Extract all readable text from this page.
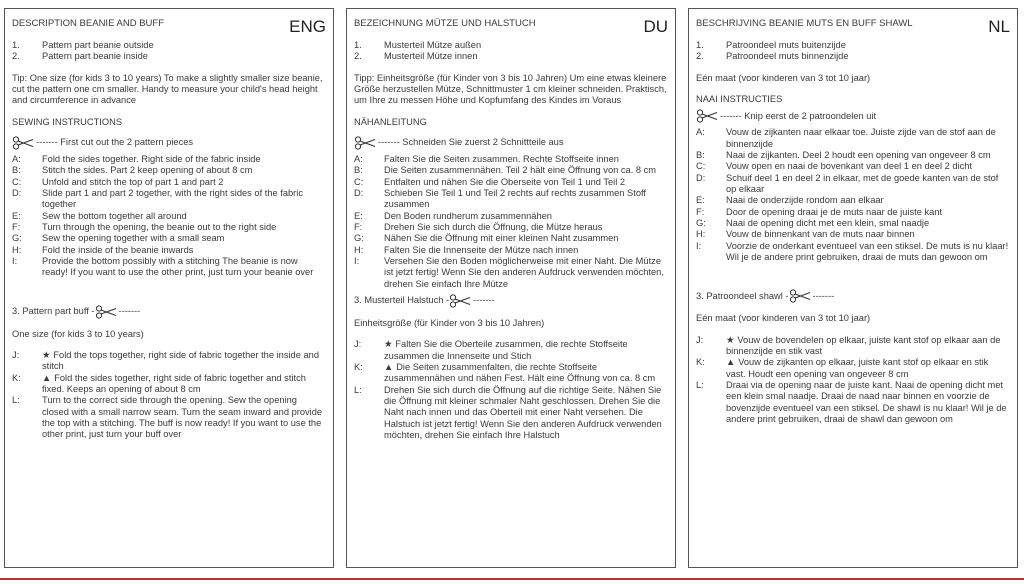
DESCRIPTION BEANIE AND BUFF	ENG
1.	Pattern part beanie outside
2.	Pattern part beanie inside
Tip: One size (for kids 3 to 10 years) To make a slightly smaller size beanie, cut the pattern one cm smaller. Handy to measure your child's head height and circumference in advance
SEWING INSTRUCTIONS
------- First cut out the 2 pattern pieces
A:	Fold the sides together. Right side of the fabric inside
B:	Stitch the sides. Part 2 keep opening of about 8 cm
C:	Unfold and stitch the top of part 1 and part 2
D:	Slide part 1 and part 2 together, with the right sides of the fabric together
E:	Sew the bottom together all around
F:	Turn through the opening, the beanie out to the right side
G:	Sew the opening together with a small seam
H:	Fold the inside of the beanie inwards
I:	Provide the bottom possibly with a stitching The beanie is now ready! If you want to use the other print, just turn your beanie over
3. Pattern part buff -	-------
One size (for kids 3 to 10 years)
J:	★ Fold the tops together, right side of fabric together the inside and stitch
K:	▲ Fold the sides together, right side of fabric together and stitch fixed. Keeps an opening of about 8 cm
L:	Turn to the correct side through the opening. Sew the opening closed with a small narrow seam. Turn the seam inward and provide the top with a stitching. The buff is now ready! If you want to use the other print, just turn your buff over
BEZEICHNUNG MÜTZE UND HALSTUCH	DU
1.	Musterteil Mütze außen
2.	Musterteil Mütze innen
Tipp: Einheitsgröße (für Kinder von 3 bis 10 Jahren) Um eine etwas kleinere Größe herzustellen Mütze, Schnittmuster 1 cm kleiner schneiden. Praktisch, um Ihre zu messen Höhe und Kopfumfang des Kindes im Voraus
NÄHANLEITUNG
------- Schneiden Sie zuerst 2 Schnittteile aus
A:	Falten Sie die Seiten zusammen. Rechte Stoffseite innen
B:	Die Seiten zusammennähen. Teil 2 hält eine Öffnung von ca. 8 cm
C:	Entfalten und nähen Sie die Oberseite von Teil 1 und Teil 2
D:	Schieben Sie Teil 1 und Teil 2 rechts auf rechts zusammen Stoff zusammen
E:	Den Boden rundherum zusammennähen
F:	Drehen Sie sich durch die Öffnung, die Mütze heraus
G:	Nähen Sie die Öffnung mit einer kleinen Naht zusammen
H:	Falten Sie die Innenseite der Mütze nach innen
I:	Versehen Sie den Boden möglicherweise mit einer Naht. Die Mütze ist jetzt fertig! Wenn Sie den anderen Aufdruck verwenden möchten, drehen Sie einfach Ihre Mütze
3. Musterteil Halstuch -	-------
Einheitsgröße (für Kinder von 3 bis 10 Jahren)
J:	★ Falten Sie die Oberteile zusammen, die rechte Stoffseite zusammen die Innenseite und Stich
K:	▲ Die Seiten zusammenfalten, die rechte Stoffseite zusammennähen und nähen Fest. Hält eine Öffnung von ca. 8 cm
L:	Drehen Sie sich durch die Öffnung auf die richtige Seite. Nähen Sie die Öffnung mit kleiner schmaler Naht geschlossen. Drehen Sie die Naht nach innen und das Oberteil mit einer Naht versehen. Die Halstuch ist jetzt fertig! Wenn Sie den anderen Aufdruck verwenden möchten, drehen Sie einfach Ihre Halstuch
BESCHRIJVING BEANIE MUTS EN BUFF SHAWL	NL
1.	Patroondeel muts buitenzijde
2.	Patroondeel muts binnenzijde
Eén maat (voor kinderen van 3 tot 10 jaar)
NAAI INSTRUCTIES
------- Knip eerst de 2 patroondelen uit
A:	Vouw de zijkanten naar elkaar toe. Juiste zijde van de stof aan de binnenzijde
B:	Naai de zijkanten. Deel 2 houdt een opening van ongeveer 8 cm
C:	Vouw open en naai de bovenkant van deel 1 en deel 2 dicht
D:	Schuif deel 1 en deel 2 in elkaar, met de goede kanten van de stof op elkaar
E:	Naai de onderzijde rondom aan elkaar
F:	Door de opening draai je de muts naar de juiste kant
G:	Naai de opening dicht met een klein, smal naadje
H:	Vouw de binnenkant van de muts naar binnen
I:	Voorzie de onderkant eventueel van een stiksel. De muts is nu klaar! Wil je de andere print gebruiken, draai de muts dan gewoon om
3. Patroondeel shawl -	-------
Eén maat (voor kinderen van 3 tot 10 jaar)
J:	★ Vouw de bovendelen op elkaar, juiste kant stof op elkaar aan de binnenzijde en stik vast
K:	▲ Vouw de zijkanten op elkaar, juiste kant stof op elkaar en stik vast. Houdt een opening van ongeveer 8 cm
L:	Draai via de opening naar de juiste kant. Naai de opening dicht met een klein smal naadje. Draai de naad naar binnen en voorzie de bovenzijde eventueel van een stiksel. De shawl is nu klaar! Wil je de andere print gebruiken, draai de shawl dan gewoon om
